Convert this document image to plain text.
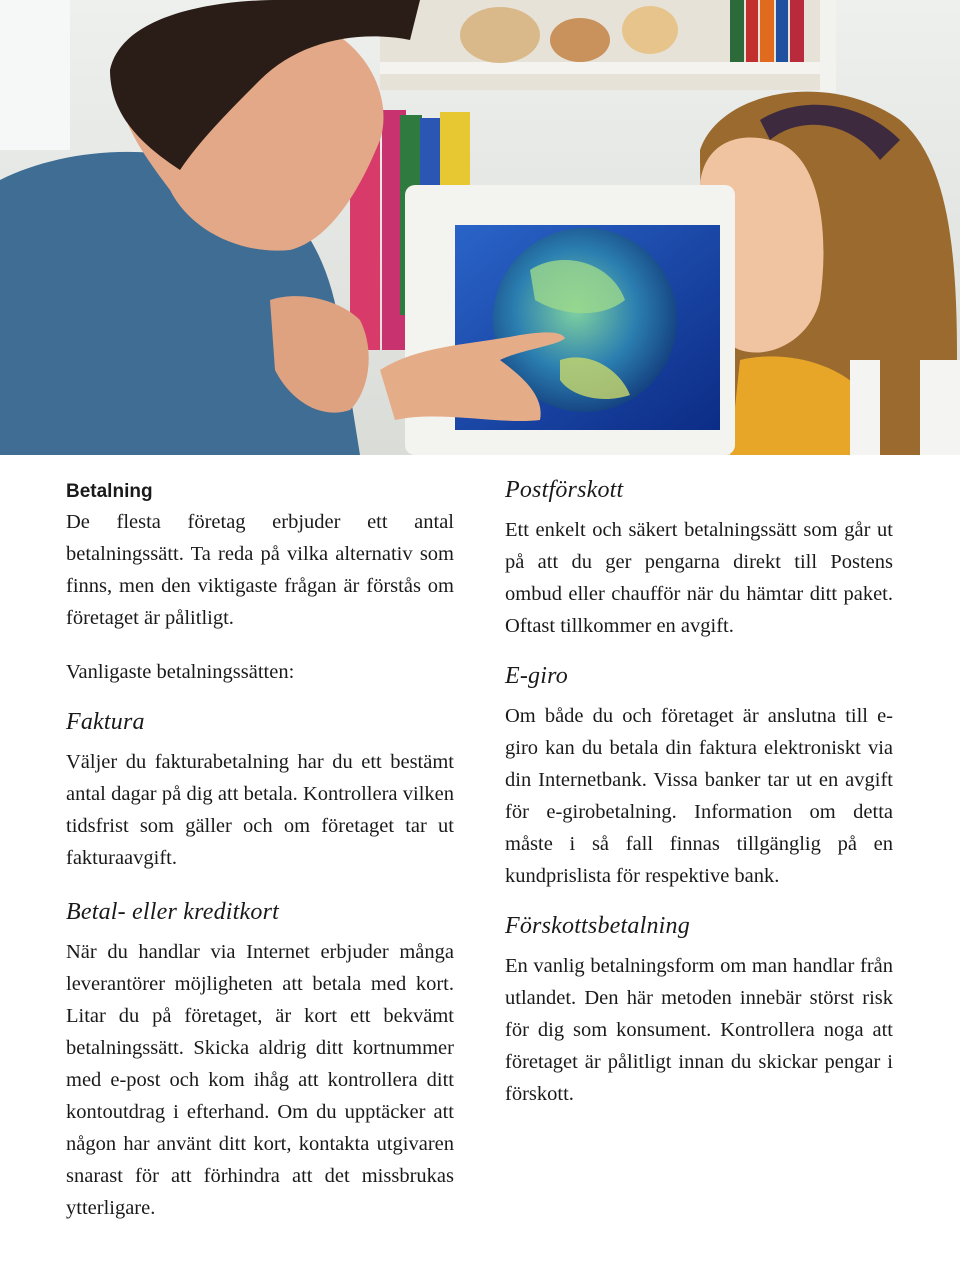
Betalning

De flesta företag erbjuder ett antal betalningssätt. Ta reda på vilka alternativ som finns, men den viktigaste frågan är förstås om företaget är pålitligt.

Vanligaste betalningssätten:

Faktura

Väljer du fakturabetalning har du ett bestämt antal dagar på dig att betala. Kontrollera vilken tidsfrist som gäller och om företaget tar ut fakturaavgift.

Betal- eller kreditkort

När du handlar via Internet erbjuder många leverantörer möjligheten att betala med kort. Litar du på företaget, är kort ett bekvämt betalningssätt. Skicka aldrig ditt kortnummer med e-post och kom ihåg att kontrollera ditt kontoutdrag i efterhand. Om du upptäcker att någon har använt ditt kort, kontakta utgivaren snarast för att förhindra att det missbrukas ytterligare.

Postförskott

Ett enkelt och säkert betalningssätt som går ut på att du ger pengarna direkt till Postens ombud eller chaufför när du hämtar ditt paket. Oftast tillkommer en avgift.

E-giro

Om både du och företaget är anslutna till e-giro kan du betala din faktura elektroniskt via din Internetbank. Vissa banker tar ut en avgift för e-girobetalning. Information om detta måste i så fall finnas tillgänglig på en kundprislista för respektive bank.

Förskottsbetalning

En vanlig betalningsform om man handlar från utlandet. Den här metoden innebär störst risk för dig som konsument. Kontrollera noga att företaget är pålitligt innan du skickar pengar i förskott.
